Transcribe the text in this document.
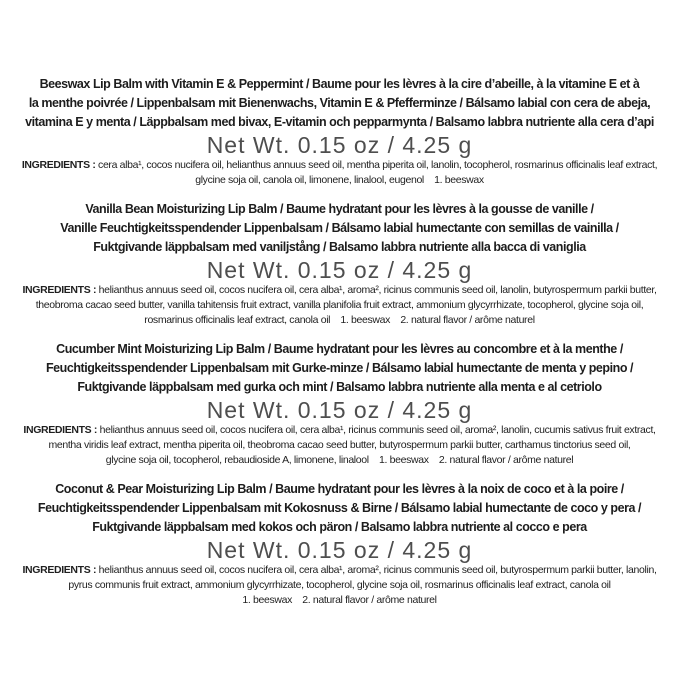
Beeswax Lip Balm with Vitamin E & Peppermint / Baume pour les lèvres à la cire d’abeille, à la vitamine E et à
la menthe poivrée / Lippenbalsam mit Bienenwachs, Vitamin E & Pfefferminze / Bálsamo labial con cera de abeja,
vitamina E y menta / Läppbalsam med bivax, E-vitamin och pepparmynta / Balsamo labbra nutriente alla cera d’api
Net Wt. 0.15 oz / 4.25 g
INGREDIENTS : cera alba¹, cocos nucifera oil, helianthus annuus seed oil, mentha piperita oil, lanolin, tocopherol, rosmarinus officinalis leaf extract,
glycine soja oil, canola oil, limonene, linalool, eugenol    1. beeswax
Vanilla Bean Moisturizing Lip Balm / Baume hydratant pour les lèvres à la gousse de vanille /
Vanille Feuchtigkeitsspendender Lippenbalsam / Bálsamo labial humectante con semillas de vainilla /
Fuktgivande läppbalsam med vaniljstång / Balsamo labbra nutriente alla bacca di vaniglia
Net Wt. 0.15 oz / 4.25 g
INGREDIENTS : helianthus annuus seed oil, cocos nucifera oil, cera alba¹, aroma², ricinus communis seed oil, lanolin, butyrospermum parkii butter,
theobroma cacao seed butter, vanilla tahitensis fruit extract, vanilla planifolia fruit extract, ammonium glycyrrhizate, tocopherol, glycine soja oil,
rosmarinus officinalis leaf extract, canola oil    1. beeswax    2. natural flavor / arôme naturel
Cucumber Mint Moisturizing Lip Balm / Baume hydratant pour les lèvres au concombre et à la menthe /
Feuchtigkeitsspendender Lippenbalsam mit Gurke-minze / Bálsamo labial humectante de menta y pepino /
Fuktgivande läppbalsam med gurka och mint / Balsamo labbra nutriente alla menta e al cetriolo
Net Wt. 0.15 oz / 4.25 g
INGREDIENTS : helianthus annuus seed oil, cocos nucifera oil, cera alba¹, ricinus communis seed oil, aroma², lanolin, cucumis sativus fruit extract,
mentha viridis leaf extract, mentha piperita oil, theobroma cacao seed butter, butyrospermum parkii butter, carthamus tinctorius seed oil,
glycine soja oil, tocopherol, rebaudioside A, limonene, linalool    1. beeswax    2. natural flavor / arôme naturel
Coconut & Pear Moisturizing Lip Balm / Baume hydratant pour les lèvres à la noix de coco et à la poire /
Feuchtigkeitsspendender Lippenbalsam mit Kokosnuss & Birne / Bálsamo labial humectante de coco y pera /
Fuktgivande läppbalsam med kokos och päron / Balsamo labbra nutriente al cocco e pera
Net Wt. 0.15 oz / 4.25 g
INGREDIENTS : helianthus annuus seed oil, cocos nucifera oil, cera alba¹, aroma², ricinus communis seed oil, butyrospermum parkii butter, lanolin,
pyrus communis fruit extract, ammonium glycyrrhizate, tocopherol, glycine soja oil, rosmarinus officinalis leaf extract, canola oil
1. beeswax    2. natural flavor / arôme naturel
